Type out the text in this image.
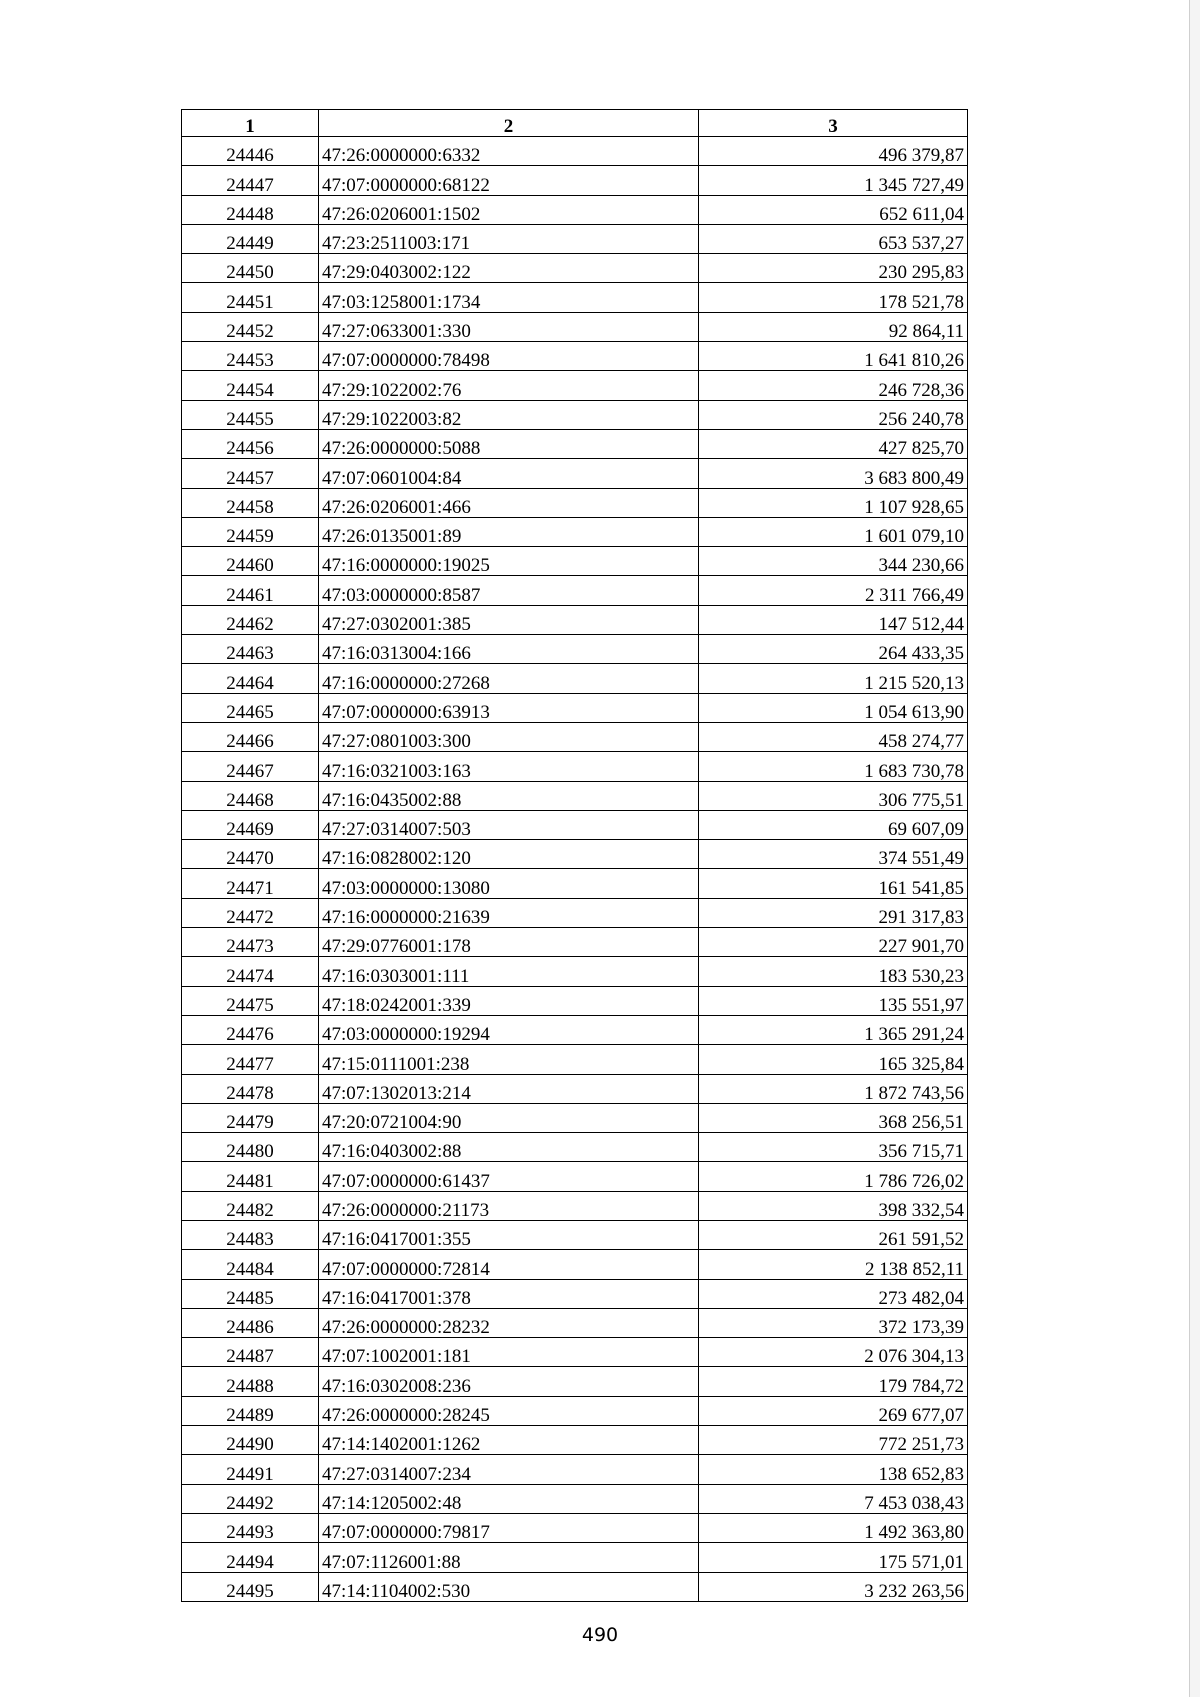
1	2	3
24446	47:26:0000000:6332	496 379,87
24447	47:07:0000000:68122	1 345 727,49
24448	47:26:0206001:1502	652 611,04
24449	47:23:2511003:171	653 537,27
24450	47:29:0403002:122	230 295,83
24451	47:03:1258001:1734	178 521,78
24452	47:27:0633001:330	92 864,11
24453	47:07:0000000:78498	1 641 810,26
24454	47:29:1022002:76	246 728,36
24455	47:29:1022003:82	256 240,78
24456	47:26:0000000:5088	427 825,70
24457	47:07:0601004:84	3 683 800,49
24458	47:26:0206001:466	1 107 928,65
24459	47:26:0135001:89	1 601 079,10
24460	47:16:0000000:19025	344 230,66
24461	47:03:0000000:8587	2 311 766,49
24462	47:27:0302001:385	147 512,44
24463	47:16:0313004:166	264 433,35
24464	47:16:0000000:27268	1 215 520,13
24465	47:07:0000000:63913	1 054 613,90
24466	47:27:0801003:300	458 274,77
24467	47:16:0321003:163	1 683 730,78
24468	47:16:0435002:88	306 775,51
24469	47:27:0314007:503	69 607,09
24470	47:16:0828002:120	374 551,49
24471	47:03:0000000:13080	161 541,85
24472	47:16:0000000:21639	291 317,83
24473	47:29:0776001:178	227 901,70
24474	47:16:0303001:111	183 530,23
24475	47:18:0242001:339	135 551,97
24476	47:03:0000000:19294	1 365 291,24
24477	47:15:0111001:238	165 325,84
24478	47:07:1302013:214	1 872 743,56
24479	47:20:0721004:90	368 256,51
24480	47:16:0403002:88	356 715,71
24481	47:07:0000000:61437	1 786 726,02
24482	47:26:0000000:21173	398 332,54
24483	47:16:0417001:355	261 591,52
24484	47:07:0000000:72814	2 138 852,11
24485	47:16:0417001:378	273 482,04
24486	47:26:0000000:28232	372 173,39
24487	47:07:1002001:181	2 076 304,13
24488	47:16:0302008:236	179 784,72
24489	47:26:0000000:28245	269 677,07
24490	47:14:1402001:1262	772 251,73
24491	47:27:0314007:234	138 652,83
24492	47:14:1205002:48	7 453 038,43
24493	47:07:0000000:79817	1 492 363,80
24494	47:07:1126001:88	175 571,01
24495	47:14:1104002:530	3 232 263,56
490
